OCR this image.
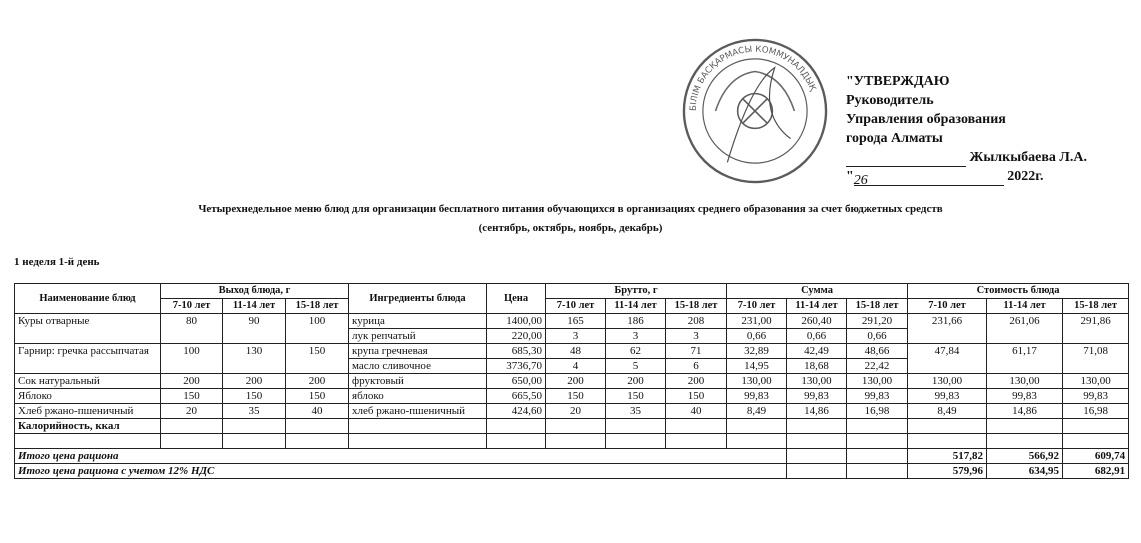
БІЛІМ БАСҚАРМАСЫ КОММУНАЛДЫҚ "УТВЕРЖДАЮ
Руководитель
Управления образования
города Алматы
Жылкыбаева Л.А.
"26	2022г.
Четырехнедельное меню блюд для организации бесплатного питания обучающихся в организациях среднего образования за счет бюджетных средств
(сентябрь, октябрь, ноябрь, декабрь)
1 неделя 1-й день
Наименование блюд	Выход блюда, г			Ингредиенты блюда	Цена	Брутто, г			Сумма			Стоимость блюда		
	7-10 лет	11-14 лет	15-18 лет			7-10 лет	11-14 лет	15-18 лет	7-10 лет	11-14 лет	15-18 лет	7-10 лет	11-14 лет	15-18 лет
Куры отварные	80	90	100	курица	1400,00	165	186	208	231,00	260,40	291,20	231,66	261,06	291,86
				лук репчатый	220,00	3	3	3	0,66	0,66	0,66			
Гарнир: гречка рассыпчатая	100	130	150	крупа гречневая	685,30	48	62	71	32,89	42,49	48,66	47,84	61,17	71,08
				масло сливочное	3736,70	4	5	6	14,95	18,68	22,42			
Сок натуральный	200	200	200	фруктовый	650,00	200	200	200	130,00	130,00	130,00	130,00	130,00	130,00
Яблоко	150	150	150	яблоко	665,50	150	150	150	99,83	99,83	99,83	99,83	99,83	99,83
Хлеб ржано-пшеничный	20	35	40	хлеб ржано-пшеничный	424,60	20	35	40	8,49	14,86	16,98	8,49	14,86	16,98
Калорийность, ккал														

Итого цена рациона												517,82	566,92	609,74
Итого цена рациона с учетом 12% НДС												579,96	634,95	682,91
